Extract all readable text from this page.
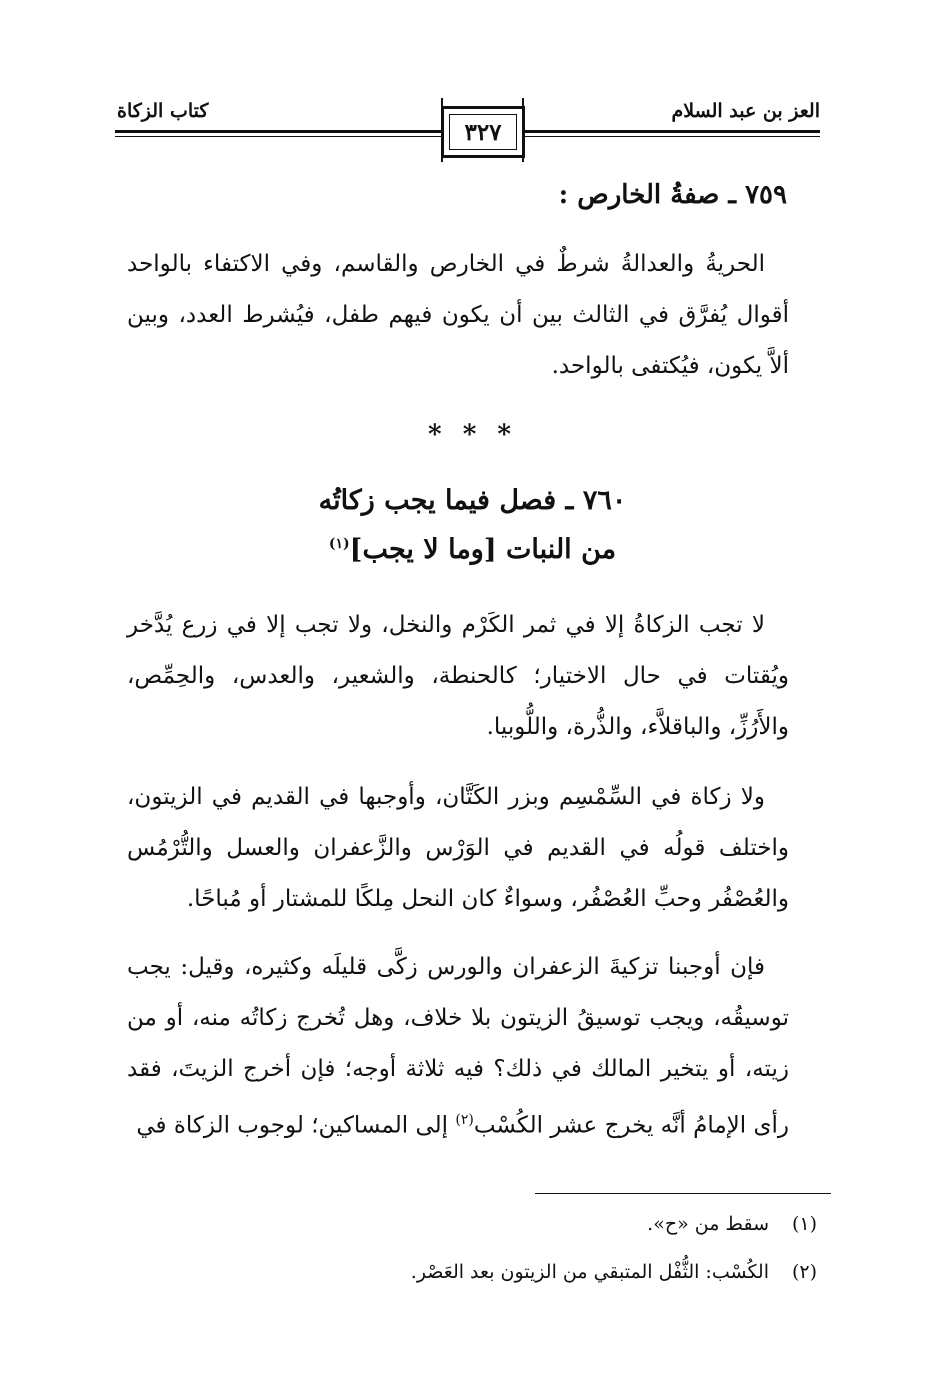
العز بن عبد السلام
كتاب الزكاة
٣٢٧
٧٥٩ ـ صفةُ الخارص :
الحريةُ والعدالةُ شرطٌ في الخارص والقاسم، وفي الاكتفاء بالواحد أقوال يُفرَّق في الثالث بين أن يكون فيهم طفل، فيُشرط العدد، وبين ألاَّ يكون، فيُكتفى بالواحد.
* * *
٧٦٠ ـ فصل فيما يجب زكاتُه
من النبات [وما لا يجب]$^{(١)}$
لا تجب الزكاةُ إلا في ثمر الكَرْم والنخل، ولا تجب إلا في زرع يُدَّخر ويُقتات في حال الاختيار؛ كالحنطة، والشعير، والعدس، والحِمِّص، والأَرُزِّ، والباقلاَّء، والذُّرة، واللُّوبيا.
ولا زكاة في السِّمْسِم وبزر الكَتَّان، وأوجبها في القديم في الزيتون، واختلف قولُه في القديم في الوَرْس والزَّعفران والعسل والتُّرْمُس والعُصْفُر وحبِّ العُصْفُر، وسواءٌ كان النحل مِلكًا للمشتار أو مُباحًا.
فإن أوجبنا تزكيةَ الزعفران والورس زكَّى قليلَه وكثيره، وقيل: يجب توسيقُه، ويجب توسيقُ الزيتون بلا خلاف، وهل تُخرج زكاتُه منه، أو من زيته، أو يتخير المالك في ذلك؟ فيه ثلاثة أوجه؛ فإن أخرج الزيتَ، فقد رأى الإمامُ أنَّه يخرج عشر الكُسْب$^{(٢)}$ إلى المساكين؛ لوجوب الزكاة في
(١)سقط من «ح».
(٢)الكُسْب: الثُّفْل المتبقي من الزيتون بعد العَصْر.
